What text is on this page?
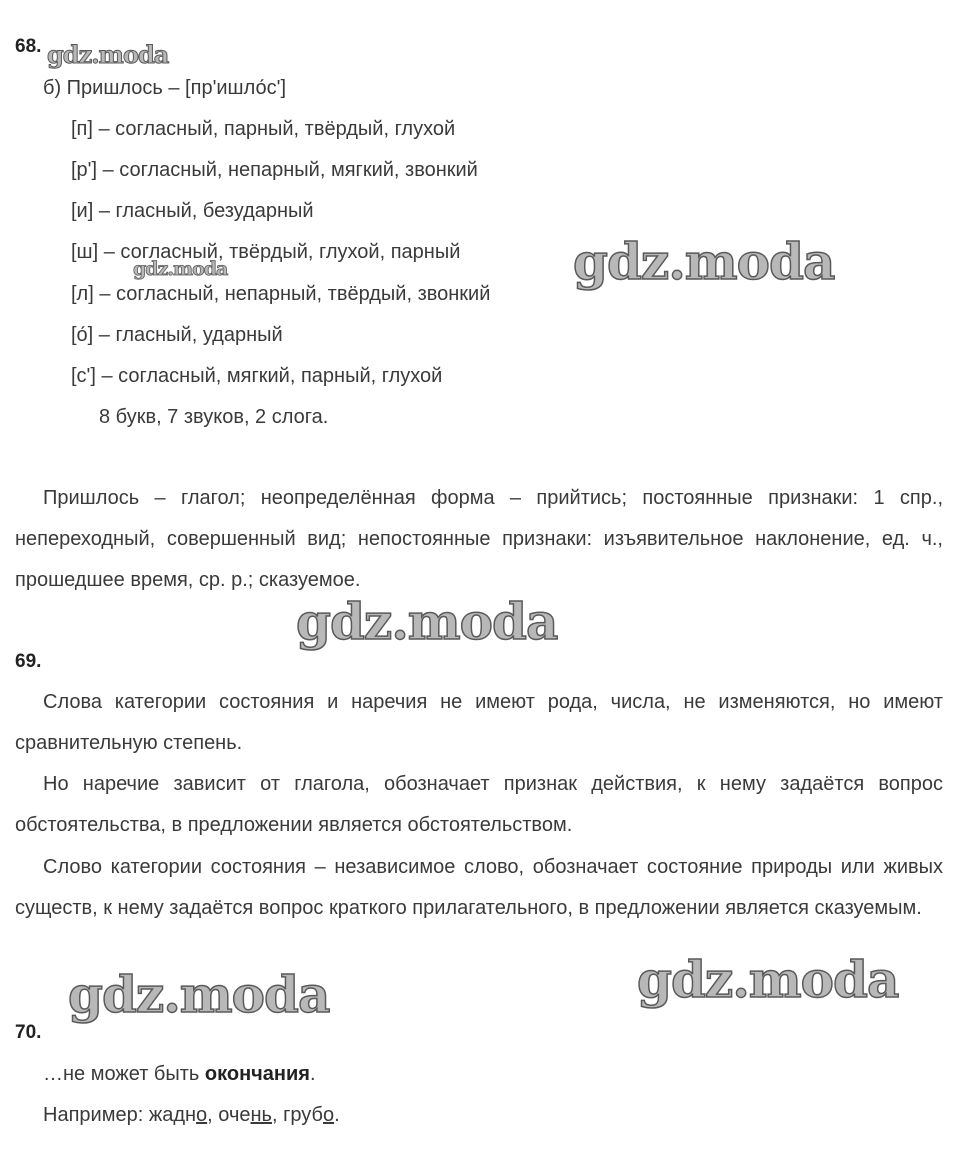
68.
б) Пришлось – [пр'ишло́с']
[п] – согласный, парный, твёрдый, глухой
[р'] – согласный, непарный, мягкий, звонкий
[и] – гласный, безударный
[ш] – согласный, твёрдый, глухой, парный
[л] – согласный, непарный, твёрдый, звонкий
[о́] – гласный, ударный
[с'] – согласный, мягкий, парный, глухой
8 букв, 7 звуков, 2 слога.
Пришлось – глагол; неопределённая форма – прийтись; постоянные признаки: 1 спр., непереходный, совершенный вид; непостоянные признаки: изъявительное наклонение, ед. ч., прошедшее время, ср. р.; сказуемое.
69.
Слова категории состояния и наречия не имеют рода, числа, не изменяются, но имеют сравнительную степень.
Но наречие зависит от глагола, обозначает признак действия, к нему задаётся вопрос обстоятельства, в предложении является обстоятельством.
Слово категории состояния – независимое слово, обозначает состояние природы или живых существ, к нему задаётся вопрос краткого прилагательного, в предложении является сказуемым.
70.
…не может быть окончания.
Например: жадно, очень, грубо.
gdz.moda
gdz.moda	gdz.moda
gdz.moda
gdz.moda
gdz.moda
